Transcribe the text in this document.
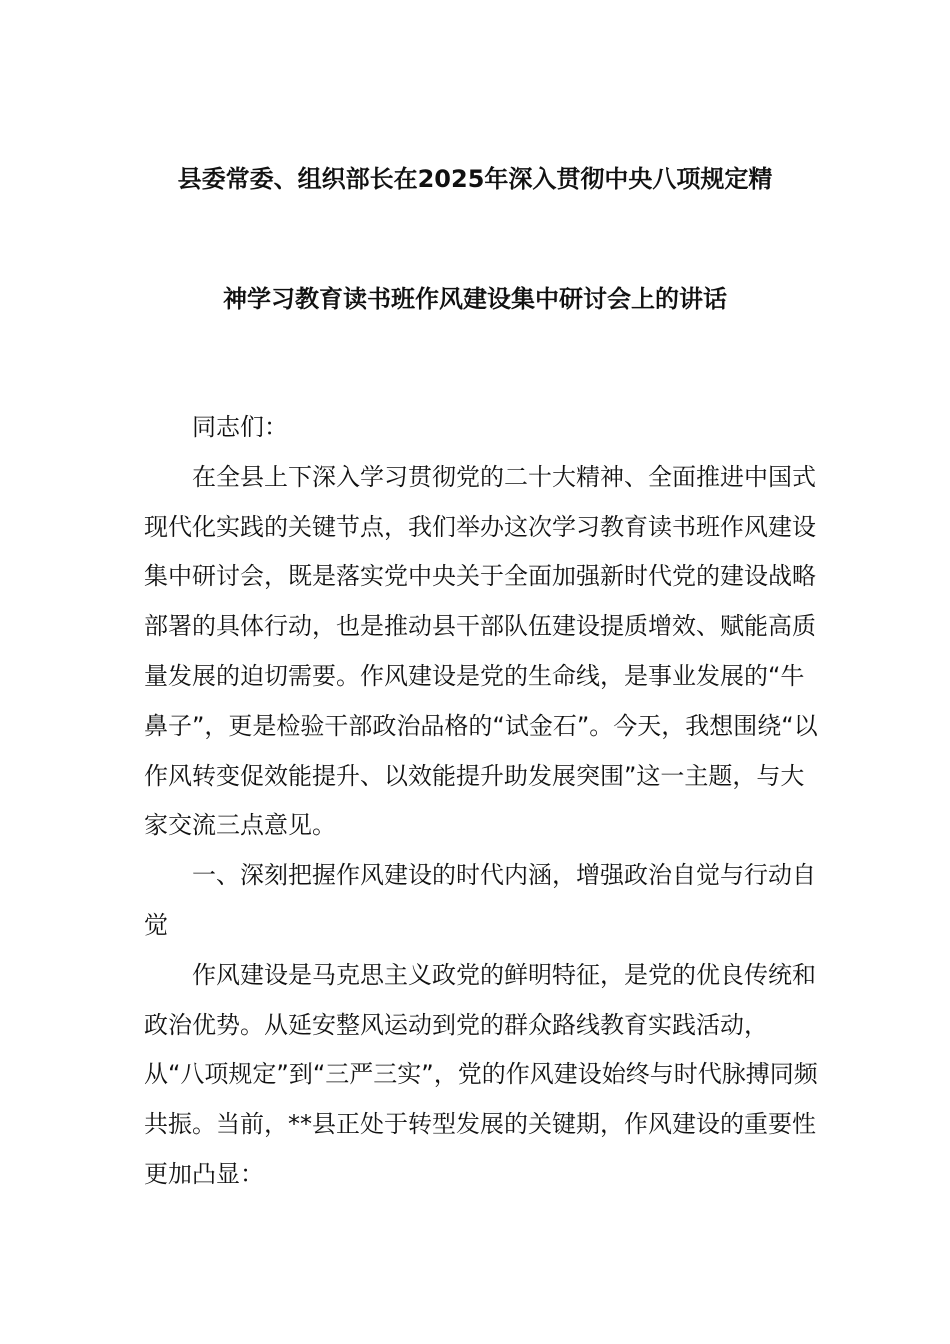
县委常委、组织部长在2025年深入贯彻中央八项规定精
神学习教育读书班作风建设集中研讨会上的讲话

同志们：

在全县上下深入学习贯彻党的二十大精神、全面推进中国式现代化实践的关键节点，我们举办这次学习教育读书班作风建设集中研讨会，既是落实党中央关于全面加强新时代党的建设战略部署的具体行动，也是推动县干部队伍建设提质增效、赋能高质量发展的迫切需要。作风建设是党的生命线，是事业发展的“牛鼻子”，更是检验干部政治品格的“试金石”。今天，我想围绕“以作风转变促效能提升、以效能提升助发展突围”这一主题，与大家交流三点意见。

一、深刻把握作风建设的时代内涵，增强政治自觉与行动自觉

作风建设是马克思主义政党的鲜明特征，是党的优良传统和政治优势。从延安整风运动到党的群众路线教育实践活动，从“八项规定”到“三严三实”，党的作风建设始终与时代脉搏同频共振。当前，**县正处于转型发展的关键期，作风建设的重要性更加凸显：
